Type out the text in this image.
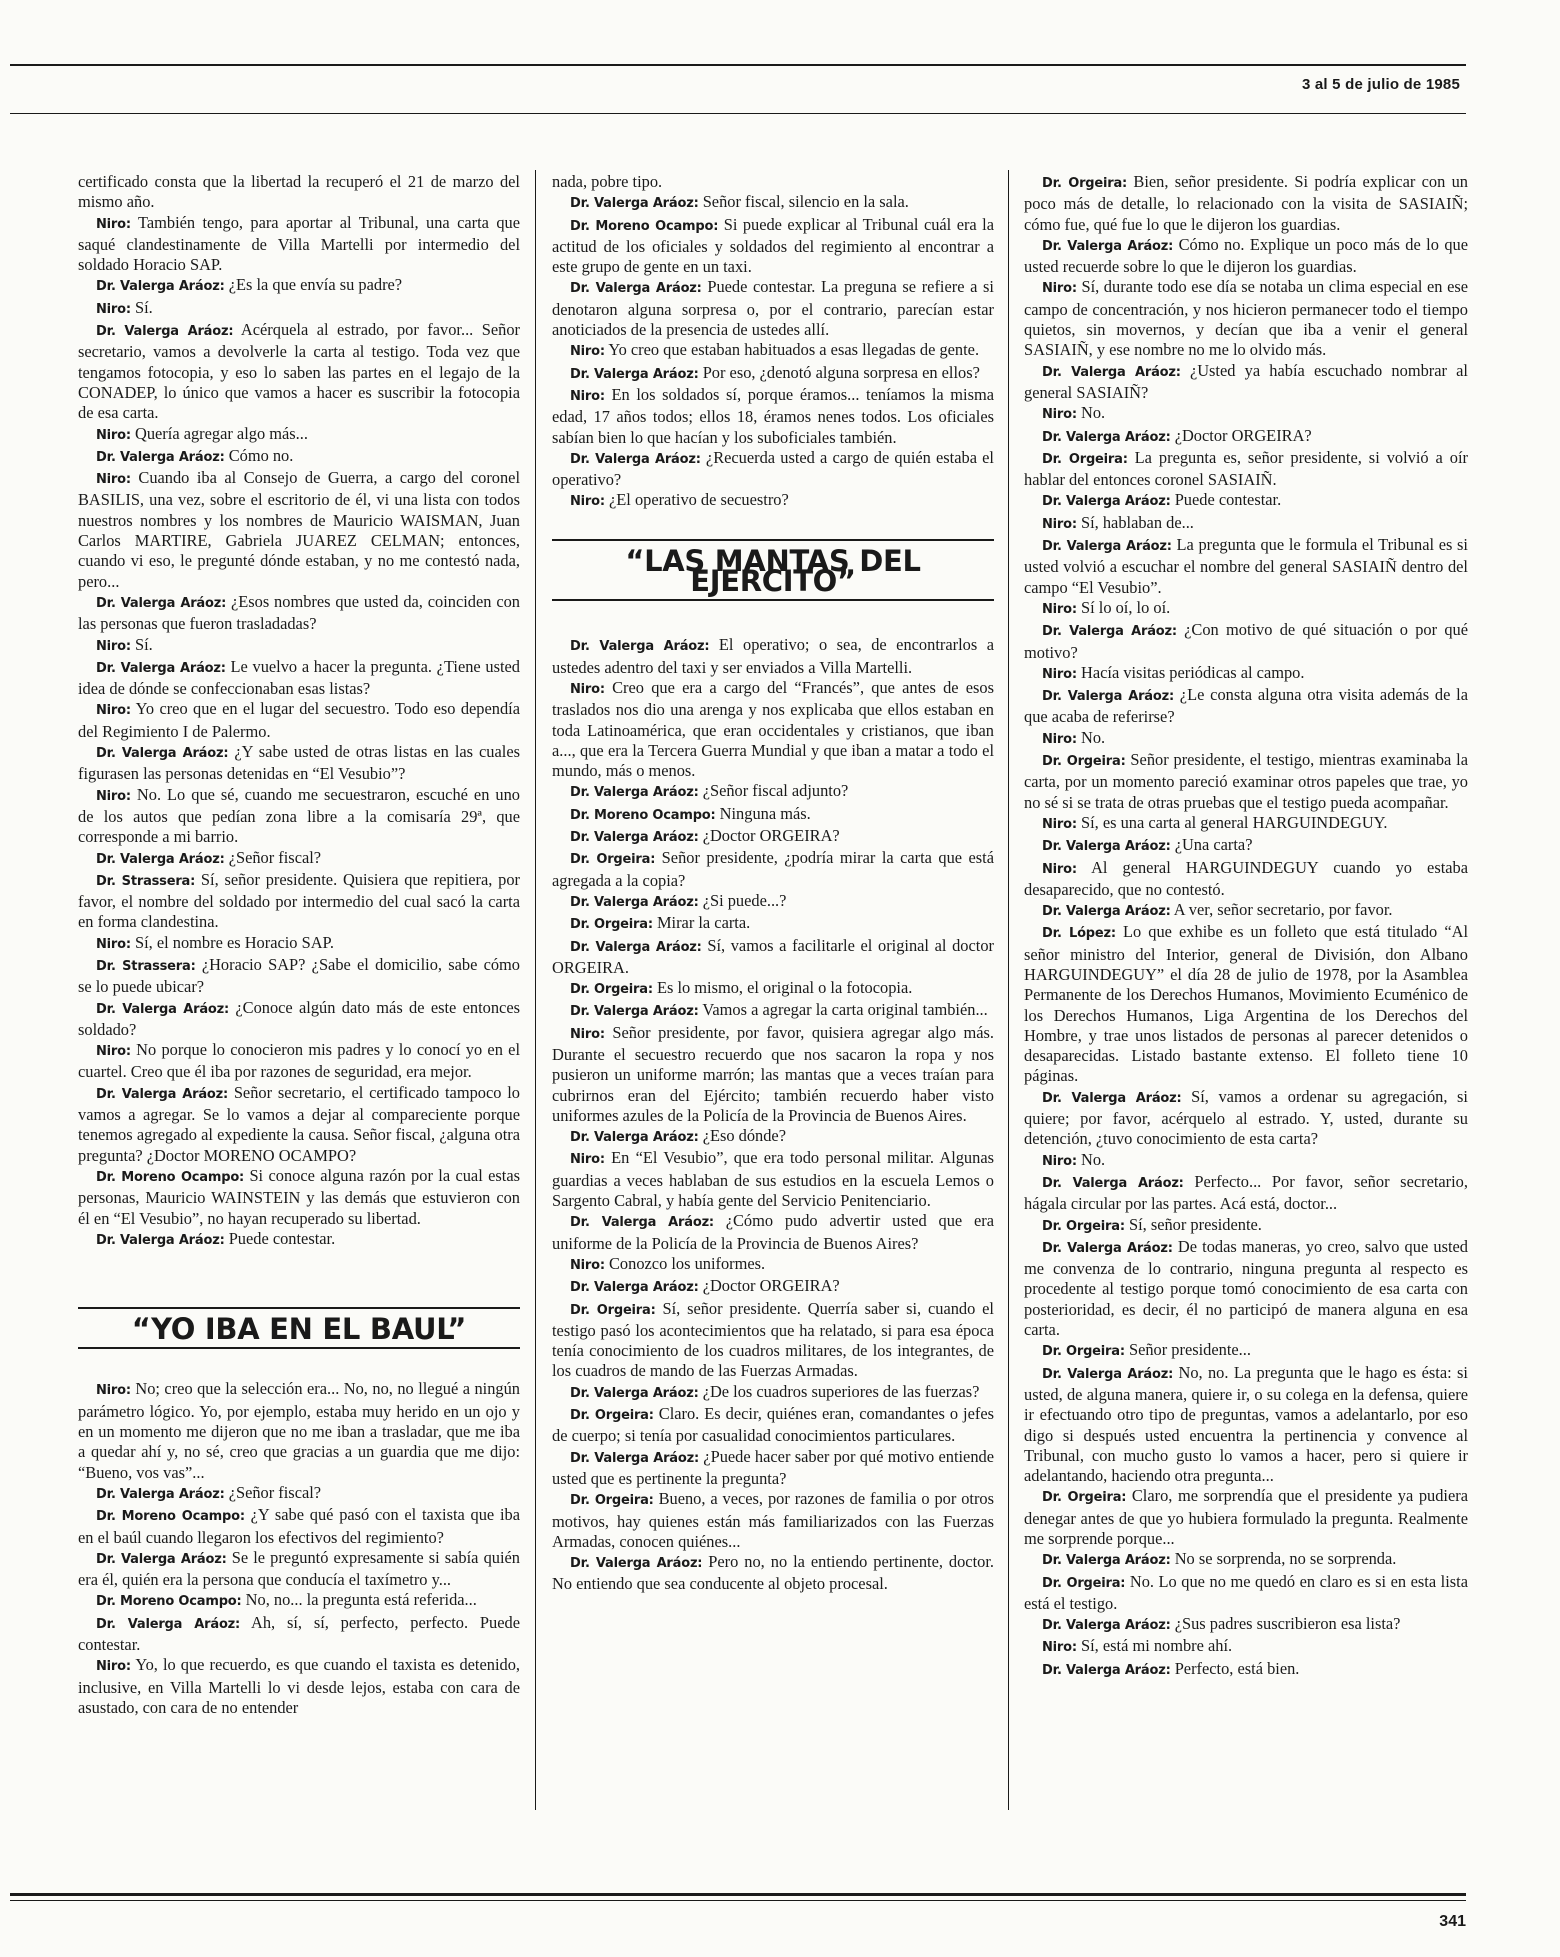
3 al 5 de julio de 1985

certificado consta que la libertad la recuperó el 21 de marzo del mismo año.

Niro: También tengo, para aportar al Tribunal, una carta que saqué clandestinamente de Villa Martelli por intermedio del soldado Horacio SAP.

Dr. Valerga Aráoz: ¿Es la que envía su padre?

Niro: Sí.

Dr. Valerga Aráoz: Acérquela al estrado, por favor... Señor secretario, vamos a devolverle la carta al testigo. Toda vez que tengamos fotocopia, y eso lo saben las partes en el legajo de la CONADEP, lo único que vamos a hacer es suscribir la fotocopia de esa carta.

Niro: Quería agregar algo más...

Dr. Valerga Aráoz: Cómo no.

Niro: Cuando iba al Consejo de Guerra, a cargo del coronel BASILIS, una vez, sobre el escritorio de él, vi una lista con todos nuestros nombres y los nombres de Mauricio WAISMAN, Juan Carlos MARTIRE, Gabriela JUAREZ CELMAN; entonces, cuando vi eso, le pregunté dónde estaban, y no me contestó nada, pero...

Dr. Valerga Aráoz: ¿Esos nombres que usted da, coinciden con las personas que fueron trasladadas?

Niro: Sí.

Dr. Valerga Aráoz: Le vuelvo a hacer la pregunta. ¿Tiene usted idea de dónde se confeccionaban esas listas?

Niro: Yo creo que en el lugar del secuestro. Todo eso dependía del Regimiento I de Palermo.

Dr. Valerga Aráoz: ¿Y sabe usted de otras listas en las cuales figurasen las personas detenidas en “El Vesubio”?

Niro: No. Lo que sé, cuando me secuestraron, escuché en uno de los autos que pedían zona libre a la comisaría 29ª, que corresponde a mi barrio.

Dr. Valerga Aráoz: ¿Señor fiscal?

Dr. Strassera: Sí, señor presidente. Quisiera que repitiera, por favor, el nombre del soldado por intermedio del cual sacó la carta en forma clandestina.

Niro: Sí, el nombre es Horacio SAP.

Dr. Strassera: ¿Horacio SAP? ¿Sabe el domicilio, sabe cómo se lo puede ubicar?

Dr. Valerga Aráoz: ¿Conoce algún dato más de este entonces soldado?

Niro: No porque lo conocieron mis padres y lo conocí yo en el cuartel. Creo que él iba por razones de seguridad, era mejor.

Dr. Valerga Aráoz: Señor secretario, el certificado tampoco lo vamos a agregar. Se lo vamos a dejar al compareciente porque tenemos agregado al expediente la causa. Señor fiscal, ¿alguna otra pregunta? ¿Doctor MORENO OCAMPO?

Dr. Moreno Ocampo: Si conoce alguna razón por la cual estas personas, Mauricio WAINSTEIN y las demás que estuvieron con él en “El Vesubio”, no hayan recuperado su libertad.

Dr. Valerga Aráoz: Puede contestar.

“YO IBA EN EL BAUL”

Niro: No; creo que la selección era... No, no, no llegué a ningún parámetro lógico. Yo, por ejemplo, estaba muy herido en un ojo y en un momento me dijeron que no me iban a trasladar, que me iba a quedar ahí y, no sé, creo que gracias a un guardia que me dijo: “Bueno, vos vas”...

Dr. Valerga Aráoz: ¿Señor fiscal?

Dr. Moreno Ocampo: ¿Y sabe qué pasó con el taxista que iba en el baúl cuando llegaron los efectivos del regimiento?

Dr. Valerga Aráoz: Se le preguntó expresamente si sabía quién era él, quién era la persona que conducía el taxímetro y...

Dr. Moreno Ocampo: No, no... la pregunta está referida...

Dr. Valerga Aráoz: Ah, sí, sí, perfecto, perfecto. Puede contestar.

Niro: Yo, lo que recuerdo, es que cuando el taxista es detenido, inclusive, en Villa Martelli lo vi desde lejos, estaba con cara de asustado, con cara de no entender

nada, pobre tipo.

Dr. Valerga Aráoz: Señor fiscal, silencio en la sala.

Dr. Moreno Ocampo: Si puede explicar al Tribunal cuál era la actitud de los oficiales y soldados del regimiento al encontrar a este grupo de gente en un taxi.

Dr. Valerga Aráoz: Puede contestar. La preguna se refiere a si denotaron alguna sorpresa o, por el contrario, parecían estar anoticiados de la presencia de ustedes allí.

Niro: Yo creo que estaban habituados a esas llegadas de gente.

Dr. Valerga Aráoz: Por eso, ¿denotó alguna sorpresa en ellos?

Niro: En los soldados sí, porque éramos... teníamos la misma edad, 17 años todos; ellos 18, éramos nenes todos. Los oficiales sabían bien lo que hacían y los suboficiales también.

Dr. Valerga Aráoz: ¿Recuerda usted a cargo de quién estaba el operativo?

Niro: ¿El operativo de secuestro?

“LAS MANTAS DEL EJERCITO”

Dr. Valerga Aráoz: El operativo; o sea, de encontrarlos a ustedes adentro del taxi y ser enviados a Villa Martelli.

Niro: Creo que era a cargo del “Francés”, que antes de esos traslados nos dio una arenga y nos explicaba que ellos estaban en toda Latinoamérica, que eran occidentales y cristianos, que iban a..., que era la Tercera Guerra Mundial y que iban a matar a todo el mundo, más o menos.

Dr. Valerga Aráoz: ¿Señor fiscal adjunto?

Dr. Moreno Ocampo: Ninguna más.

Dr. Valerga Aráoz: ¿Doctor ORGEIRA?

Dr. Orgeira: Señor presidente, ¿podría mirar la carta que está agregada a la copia?

Dr. Valerga Aráoz: ¿Si puede...?

Dr. Orgeira: Mirar la carta.

Dr. Valerga Aráoz: Sí, vamos a facilitarle el original al doctor ORGEIRA.

Dr. Orgeira: Es lo mismo, el original o la fotocopia.

Dr. Valerga Aráoz: Vamos a agregar la carta original también...

Niro: Señor presidente, por favor, quisiera agregar algo más. Durante el secuestro recuerdo que nos sacaron la ropa y nos pusieron un uniforme marrón; las mantas que a veces traían para cubrirnos eran del Ejército; también recuerdo haber visto uniformes azules de la Policía de la Provincia de Buenos Aires.

Dr. Valerga Aráoz: ¿Eso dónde?

Niro: En “El Vesubio”, que era todo personal militar. Algunas guardias a veces hablaban de sus estudios en la escuela Lemos o Sargento Cabral, y había gente del Servicio Penitenciario.

Dr. Valerga Aráoz: ¿Cómo pudo advertir usted que era uniforme de la Policía de la Provincia de Buenos Aires?

Niro: Conozco los uniformes.

Dr. Valerga Aráoz: ¿Doctor ORGEIRA?

Dr. Orgeira: Sí, señor presidente. Querría saber si, cuando el testigo pasó los acontecimientos que ha relatado, si para esa época tenía conocimiento de los cuadros militares, de los integrantes, de los cuadros de mando de las Fuerzas Armadas.

Dr. Valerga Aráoz: ¿De los cuadros superiores de las fuerzas?

Dr. Orgeira: Claro. Es decir, quiénes eran, comandantes o jefes de cuerpo; si tenía por casualidad conocimientos particulares.

Dr. Valerga Aráoz: ¿Puede hacer saber por qué motivo entiende usted que es pertinente la pregunta?

Dr. Orgeira: Bueno, a veces, por razones de familia o por otros motivos, hay quienes están más familiarizados con las Fuerzas Armadas, conocen quiénes...

Dr. Valerga Aráoz: Pero no, no la entiendo pertinente, doctor. No entiendo que sea conducente al objeto procesal.

Dr. Orgeira: Bien, señor presidente. Si podría explicar con un poco más de detalle, lo relacionado con la visita de SASIAIÑ; cómo fue, qué fue lo que le dijeron los guardias.

Dr. Valerga Aráoz: Cómo no. Explique un poco más de lo que usted recuerde sobre lo que le dijeron los guardias.

Niro: Sí, durante todo ese día se notaba un clima especial en ese campo de concentración, y nos hicieron permanecer todo el tiempo quietos, sin movernos, y decían que iba a venir el general SASIAIÑ, y ese nombre no me lo olvido más.

Dr. Valerga Aráoz: ¿Usted ya había escuchado nombrar al general SASIAIÑ?

Niro: No.

Dr. Valerga Aráoz: ¿Doctor ORGEIRA?

Dr. Orgeira: La pregunta es, señor presidente, si volvió a oír hablar del entonces coronel SASIAIÑ.

Dr. Valerga Aráoz: Puede contestar.

Niro: Sí, hablaban de...

Dr. Valerga Aráoz: La pregunta que le formula el Tribunal es si usted volvió a escuchar el nombre del general SASIAIÑ dentro del campo “El Vesubio”.

Niro: Sí lo oí, lo oí.

Dr. Valerga Aráoz: ¿Con motivo de qué situación o por qué motivo?

Niro: Hacía visitas periódicas al campo.

Dr. Valerga Aráoz: ¿Le consta alguna otra visita además de la que acaba de referirse?

Niro: No.

Dr. Orgeira: Señor presidente, el testigo, mientras examinaba la carta, por un momento pareció examinar otros papeles que trae, yo no sé si se trata de otras pruebas que el testigo pueda acompañar.

Niro: Sí, es una carta al general HARGUINDEGUY.

Dr. Valerga Aráoz: ¿Una carta?

Niro: Al general HARGUINDEGUY cuando yo estaba desaparecido, que no contestó.

Dr. Valerga Aráoz: A ver, señor secretario, por favor.

Dr. López: Lo que exhibe es un folleto que está titulado “Al señor ministro del Interior, general de División, don Albano HARGUINDEGUY” el día 28 de julio de 1978, por la Asamblea Permanente de los Derechos Humanos, Movimiento Ecuménico de los Derechos Humanos, Liga Argentina de los Derechos del Hombre, y trae unos listados de personas al parecer detenidos o desaparecidas. Listado bastante extenso. El folleto tiene 10 páginas.

Dr. Valerga Aráoz: Sí, vamos a ordenar su agregación, si quiere; por favor, acérquelo al estrado. Y, usted, durante su detención, ¿tuvo conocimiento de esta carta?

Niro: No.

Dr. Valerga Aráoz: Perfecto... Por favor, señor secretario, hágala circular por las partes. Acá está, doctor...

Dr. Orgeira: Sí, señor presidente.

Dr. Valerga Aráoz: De todas maneras, yo creo, salvo que usted me convenza de lo contrario, ninguna pregunta al respecto es procedente al testigo porque tomó conocimiento de esa carta con posterioridad, es decir, él no participó de manera alguna en esa carta.

Dr. Orgeira: Señor presidente...

Dr. Valerga Aráoz: No, no. La pregunta que le hago es ésta: si usted, de alguna manera, quiere ir, o su colega en la defensa, quiere ir efectuando otro tipo de preguntas, vamos a adelantarlo, por eso digo si después usted encuentra la pertinencia y convence al Tribunal, con mucho gusto lo vamos a hacer, pero si quiere ir adelantando, haciendo otra pregunta...

Dr. Orgeira: Claro, me sorprendía que el presidente ya pudiera denegar antes de que yo hubiera formulado la pregunta. Realmente me sorprende porque...

Dr. Valerga Aráoz: No se sorprenda, no se sorprenda.

Dr. Orgeira: No. Lo que no me quedó en claro es si en esta lista está el testigo.

Dr. Valerga Aráoz: ¿Sus padres suscribieron esa lista?

Niro: Sí, está mi nombre ahí.

Dr. Valerga Aráoz: Perfecto, está bien.

341
